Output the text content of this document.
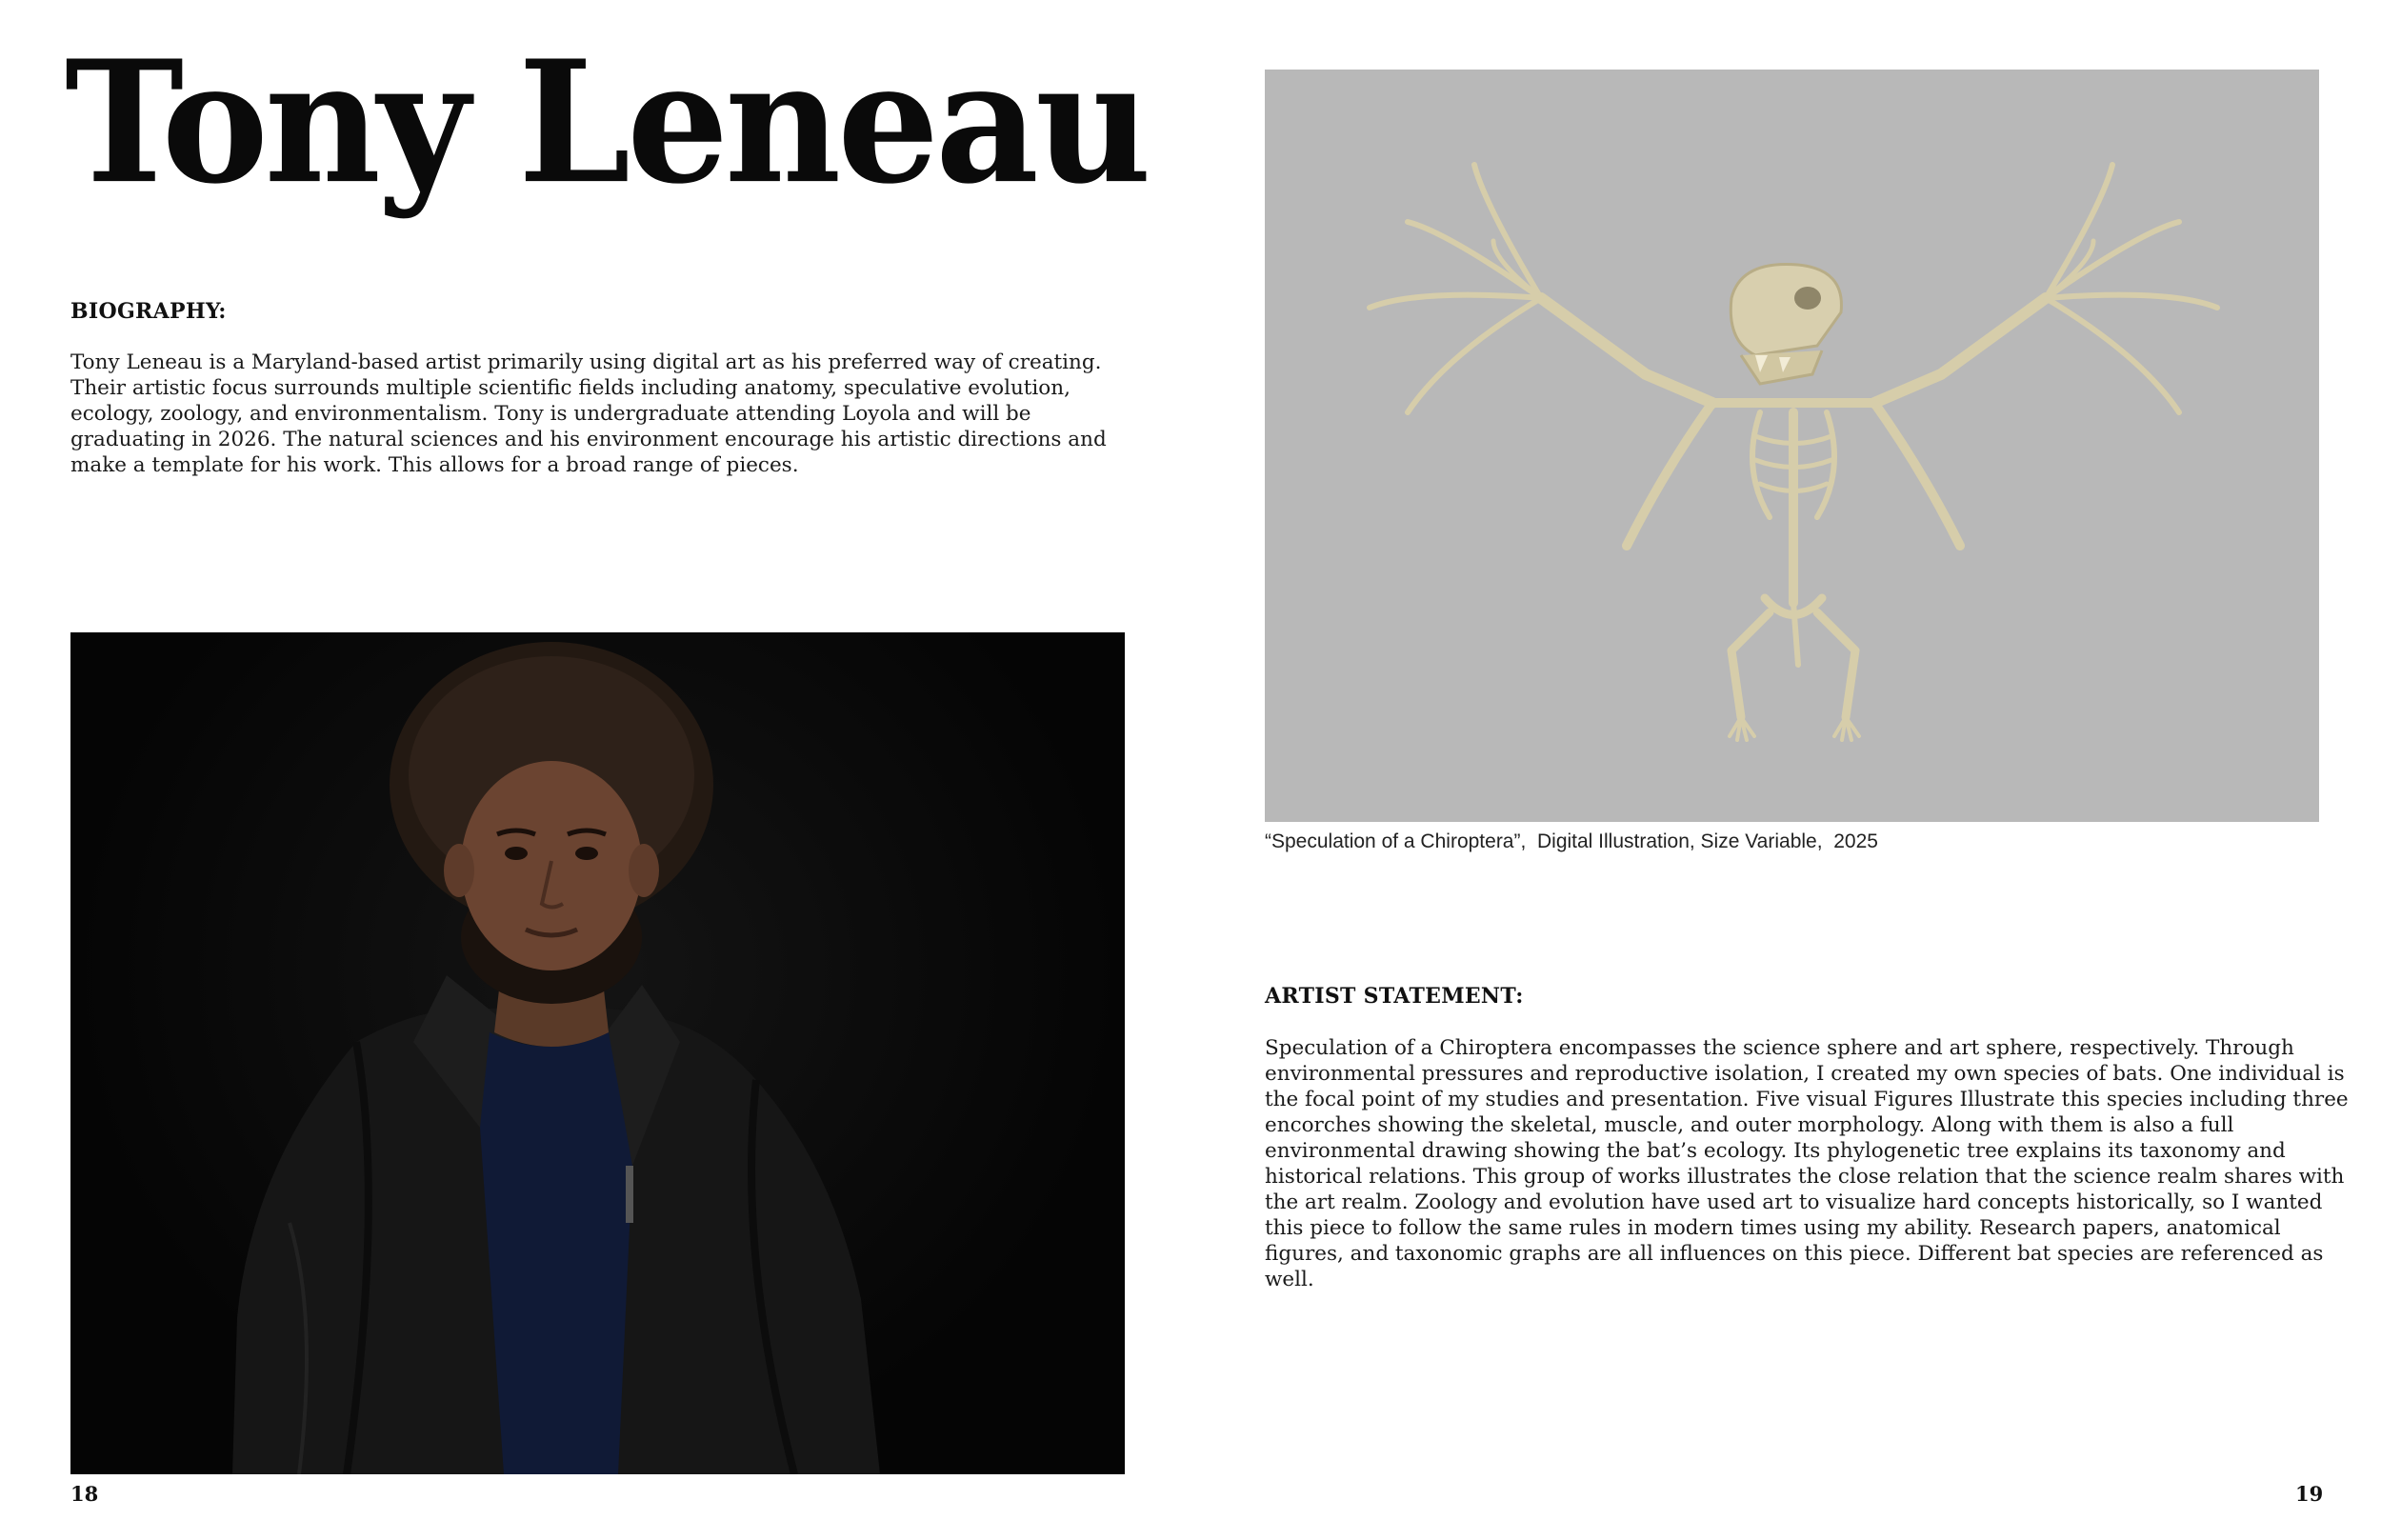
Tony Leneau
BIOGRAPHY:

Tony Leneau is a Maryland-based artist primarily using digital art as his preferred way of creating. Their artistic focus surrounds multiple scientific fields including anatomy, speculative evolution, ecology, zoology, and environmentalism. Tony is undergraduate attending Loyola and will be graduating in 2026. The natural sciences and his environment encourage his artistic directions and make a template for his work. This allows for a broad range of pieces.

18

“Speculation of a Chiroptera”,  Digital Illustration, Size Variable,  2025

ARTIST STATEMENT:

Speculation of a Chiroptera encompasses the science sphere and art sphere, respectively. Through environmental pressures and reproductive isolation, I created my own species of bats. One individual is the focal point of my studies and presentation. Five visual Figures Illustrate this species including three encorches showing the skeletal, muscle, and outer morphology. Along with them is also a full environmental drawing showing the bat’s ecology. Its phylogenetic tree explains its taxonomy and historical relations. This group of works illustrates the close relation that the science realm shares with the art realm. Zoology and evolution have used art to visualize hard concepts historically, so I wanted this piece to follow the same rules in modern times using my ability. Research papers, anatomical figures, and taxonomic graphs are all influences on this piece. Different bat species are referenced as well.

19
